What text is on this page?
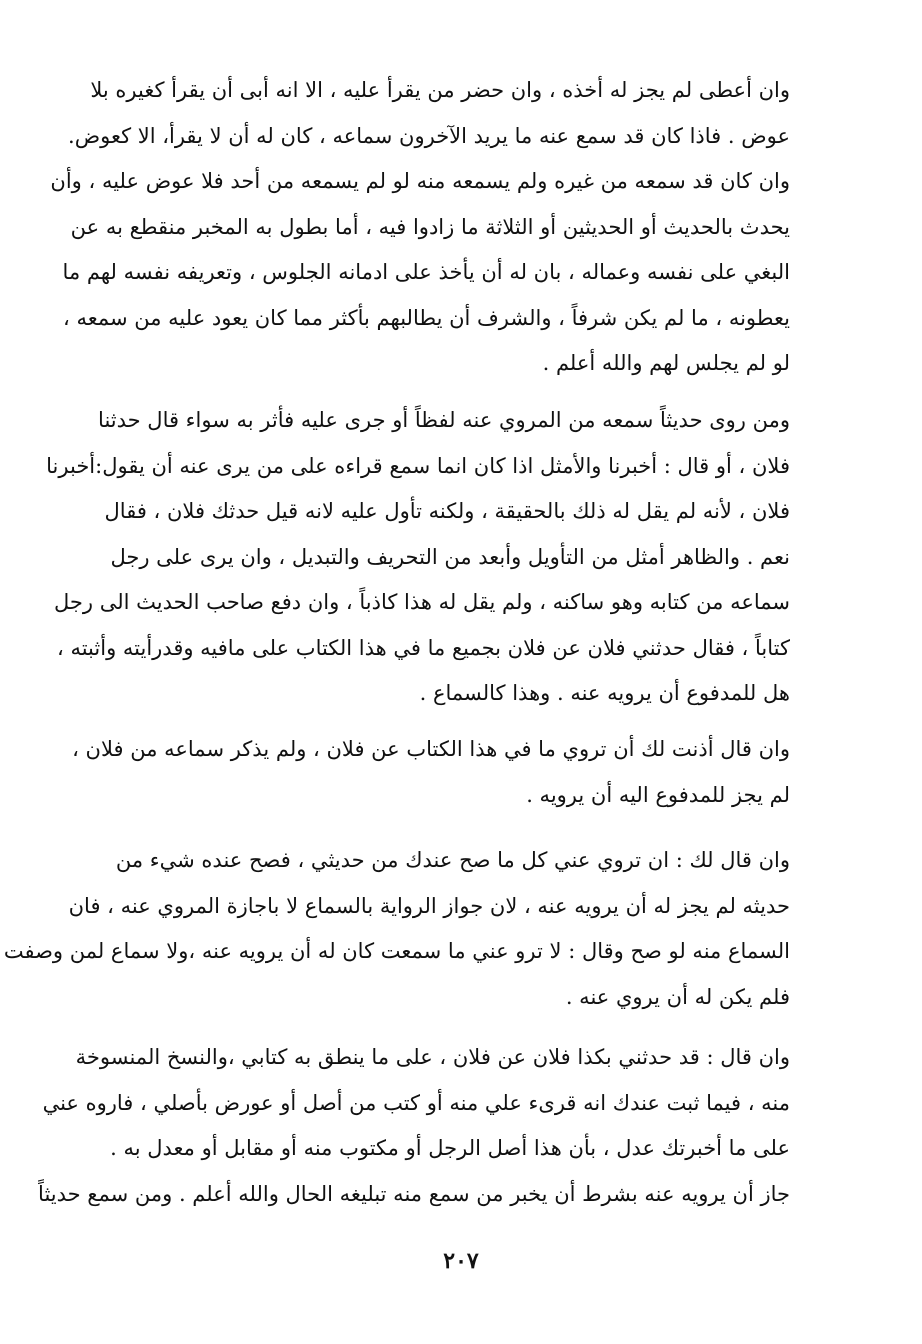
وان أعطى لم يجز له أخذه ، وان حضر من يقرأ عليه ، الا انه أبى أن يقرأ كغيره بلا
عوض . فاذا كان قد سمع عنه ما يريد الآخرون سماعه ، كان له أن لا يقرأ، الا كعوض.
وان كان قد سمعه من غيره ولم يسمعه منه لو لم يسمعه من أحد فلا عوض عليه ، وأن
يحدث بالحديث أو الحديثين أو الثلاثة ما زادوا فيه ، أما بطول به المخبر منقطع به عن
البغي على نفسه وعماله ، بان له أن يأخذ على ادمانه الجلوس ، وتعريفه نفسه لهم ما
يعطونه ، ما لم يكن شرفاً ، والشرف أن يطالبهم بأكثر مما كان يعود عليه من سمعه ،
لو لم يجلس لهم والله أعلم .
ومن روى حديثاً سمعه من المروي عنه لفظاً أو جرى عليه فأثر به سواء قال حدثنا
فلان ، أو قال : أخبرنا والأمثل اذا كان انما سمع قراءه على من يرى عنه أن يقول:أخبرنا
فلان ، لأنه لم يقل له ذلك بالحقيقة ، ولكنه تأول عليه لانه قيل حدثك فلان ، فقال
نعم . والظاهر أمثل من التأويل وأبعد من التحريف والتبديل ، وان يرى على رجل
سماعه من كتابه وهو ساكنه ، ولم يقل له هذا كاذباً ، وان دفع صاحب الحديث الى رجل
كتاباً ، فقال حدثني فلان عن فلان بجميع ما في هذا الكتاب على مافيه وقدرأيته وأثبته ،
هل للمدفوع أن يرويه عنه . وهذا كالسماع .
وان قال أذنت لك أن تروي ما في هذا الكتاب عن فلان ، ولم يذكر سماعه من فلان ،
لم يجز للمدفوع اليه أن يرويه .
وان قال لك : ان تروي عني كل ما صح عندك من حديثي ، فصح عنده شيء من
حديثه لم يجز له أن يرويه عنه ، لان جواز الرواية بالسماع لا باجازة المروي عنه ، فان
السماع منه لو صح وقال : لا ترو عني ما سمعت كان له أن يرويه عنه ،ولا سماع لمن وصفت
فلم يكن له أن يروي عنه .
وان قال : قد حدثني بكذا فلان عن فلان ، على ما ينطق به كتابي ،والنسخ المنسوخة
منه ، فيما ثبت عندك انه قرىء علي منه أو كتب من أصل أو عورض بأصلي ، فاروه عني
على ما أخبرتك عدل ، بأن هذا أصل الرجل أو مكتوب منه أو مقابل أو معدل به .
جاز أن يرويه عنه بشرط أن يخبر من سمع منه تبليغه الحال والله أعلم . ومن سمع حديثاً
٢٠٧
